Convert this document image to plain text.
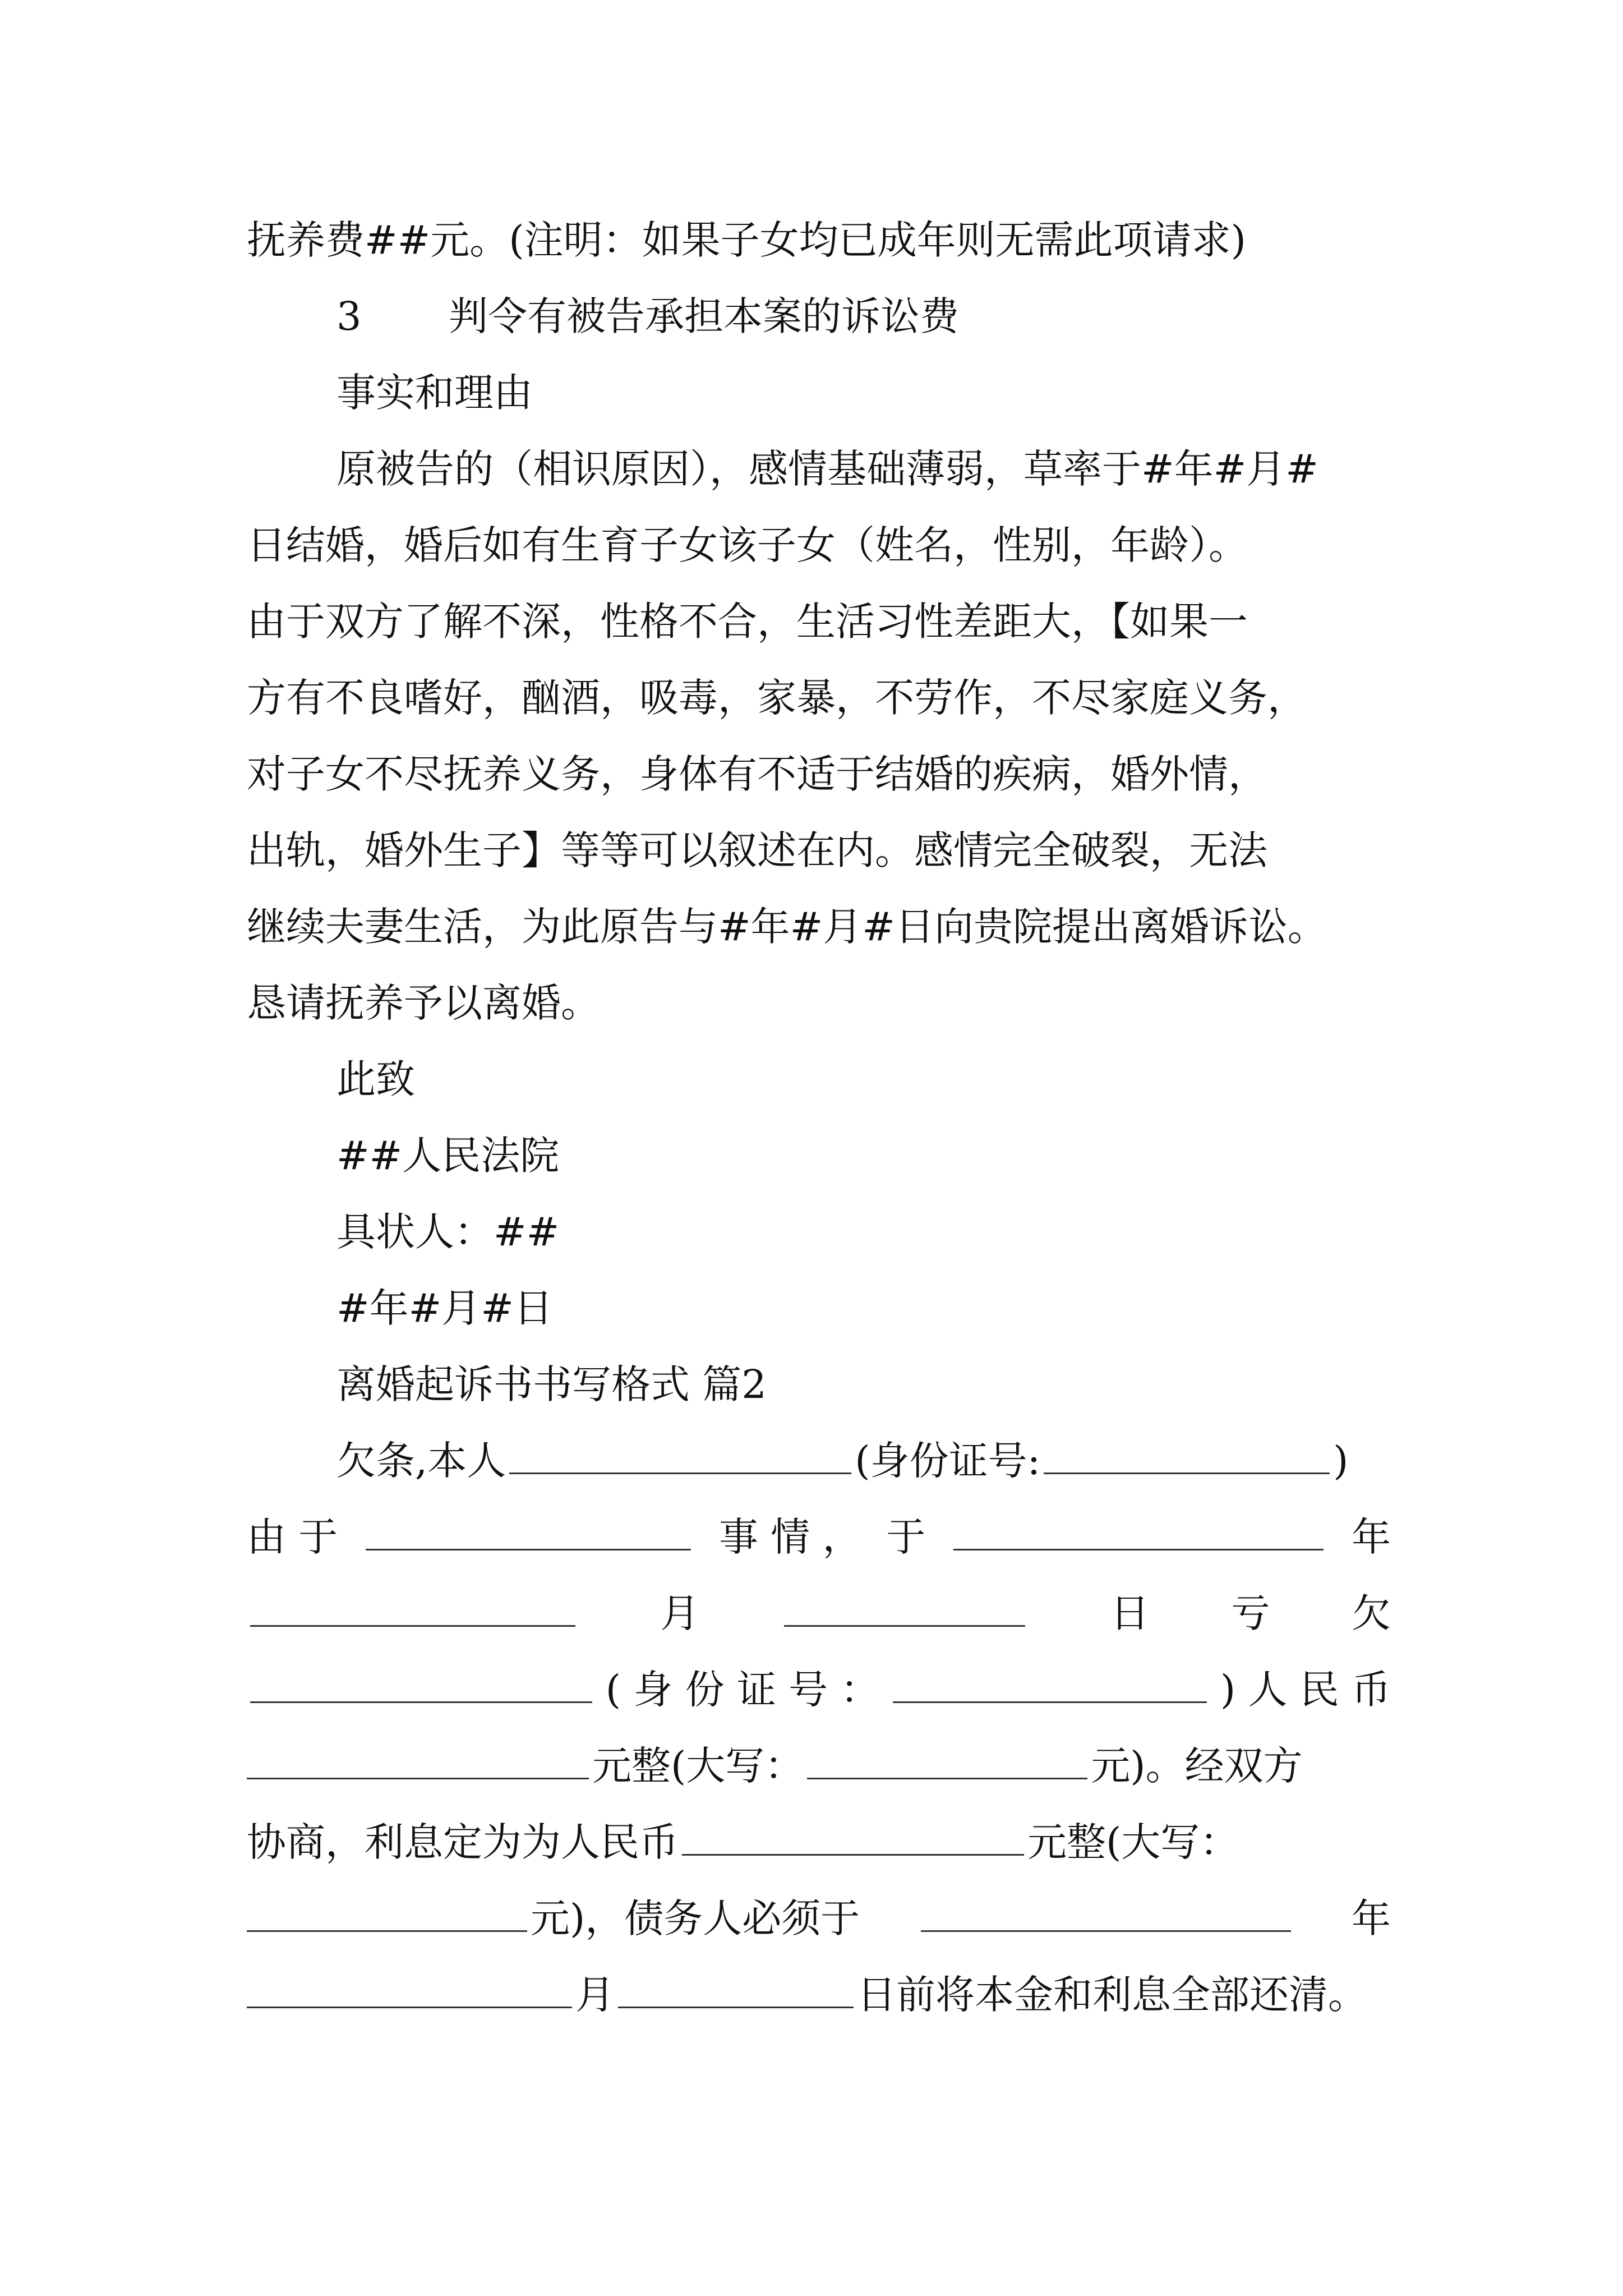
抚养费##元。(注明：如果子女均已成年则无需此项请求)
3 判令有被告承担本案的诉讼费
事实和理由
原被告的（相识原因），感情基础薄弱，草率于#年#月#
日结婚，婚后如有生育子女该子女（姓名，性别，年龄）。
由于双方了解不深，性格不合，生活习性差距大，【如果一
方有不良嗜好，酗酒，吸毒，家暴，不劳作，不尽家庭义务，
对子女不尽抚养义务，身体有不适于结婚的疾病，婚外情，
出轨，婚外生子】等等可以叙述在内。感情完全破裂，无法
继续夫妻生活，为此原告与#年#月#日向贵院提出离婚诉讼。
恳请抚养予以离婚。
此致
##人民法院
具状人：##
#年#月#日
离婚起诉书书写格式 篇2
欠条,本人	(身份证号:	)
由 于	事 情 ， 于	年
月	日 亏 欠
( 身 份 证 号 ：	) 人 民 币
元整(大写：	元)。经双方
协商，利息定为为人民币	元整(大写：
元)，债务人必须于	年
月	日前将本金和利息全部还清。
